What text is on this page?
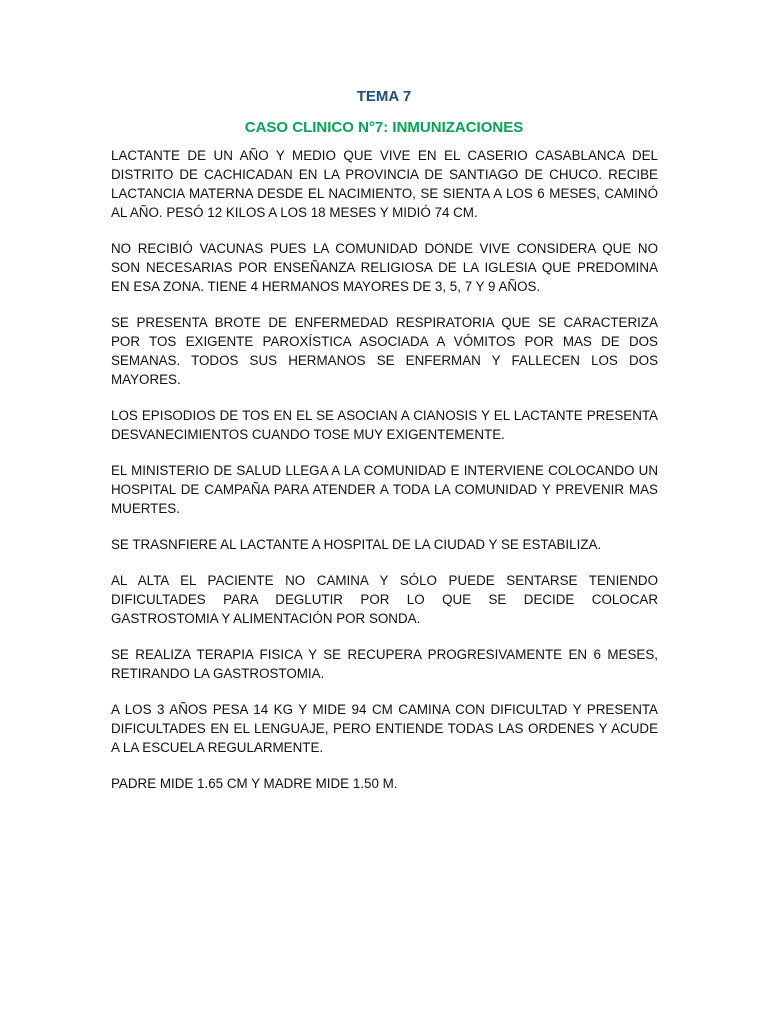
TEMA 7
CASO CLINICO N°7: INMUNIZACIONES

LACTANTE DE UN AÑO Y MEDIO QUE VIVE EN EL CASERIO CASABLANCA DEL DISTRITO DE CACHICADAN EN LA PROVINCIA DE SANTIAGO DE CHUCO. RECIBE LACTANCIA MATERNA DESDE EL NACIMIENTO, SE SIENTA A LOS 6 MESES, CAMINÓ AL AÑO. PESÓ 12 KILOS A LOS 18 MESES Y MIDIÓ 74 CM.

NO RECIBIÓ VACUNAS PUES LA COMUNIDAD DONDE VIVE CONSIDERA QUE NO SON NECESARIAS POR ENSEÑANZA RELIGIOSA DE LA IGLESIA QUE PREDOMINA EN ESA ZONA. TIENE 4 HERMANOS MAYORES DE 3, 5, 7 Y 9 AÑOS.

SE PRESENTA BROTE DE ENFERMEDAD RESPIRATORIA QUE SE CARACTERIZA POR TOS EXIGENTE PAROXÍSTICA ASOCIADA A VÓMITOS POR MAS DE DOS SEMANAS. TODOS SUS HERMANOS SE ENFERMAN Y FALLECEN LOS DOS MAYORES.

LOS EPISODIOS DE TOS EN EL SE ASOCIAN A CIANOSIS Y EL LACTANTE PRESENTA DESVANECIMIENTOS CUANDO TOSE MUY EXIGENTEMENTE.

EL MINISTERIO DE SALUD LLEGA A LA COMUNIDAD E INTERVIENE COLOCANDO UN HOSPITAL DE CAMPAÑA PARA ATENDER A TODA LA COMUNIDAD Y PREVENIR MAS MUERTES.

SE TRASNFIERE AL LACTANTE A HOSPITAL DE LA CIUDAD Y SE ESTABILIZA.

AL ALTA EL PACIENTE NO CAMINA Y SÓLO PUEDE SENTARSE TENIENDO DIFICULTADES PARA DEGLUTIR POR LO QUE SE DECIDE COLOCAR GASTROSTOMIA Y ALIMENTACIÓN POR SONDA.

SE REALIZA TERAPIA FISICA Y SE RECUPERA PROGRESIVAMENTE EN 6 MESES, RETIRANDO LA GASTROSTOMIA.

A LOS 3 AÑOS PESA 14 KG Y MIDE 94 CM CAMINA CON DIFICULTAD Y PRESENTA DIFICULTADES EN EL LENGUAJE, PERO ENTIENDE TODAS LAS ORDENES Y ACUDE A LA ESCUELA REGULARMENTE.

PADRE MIDE 1.65 CM Y MADRE MIDE 1.50 M.
